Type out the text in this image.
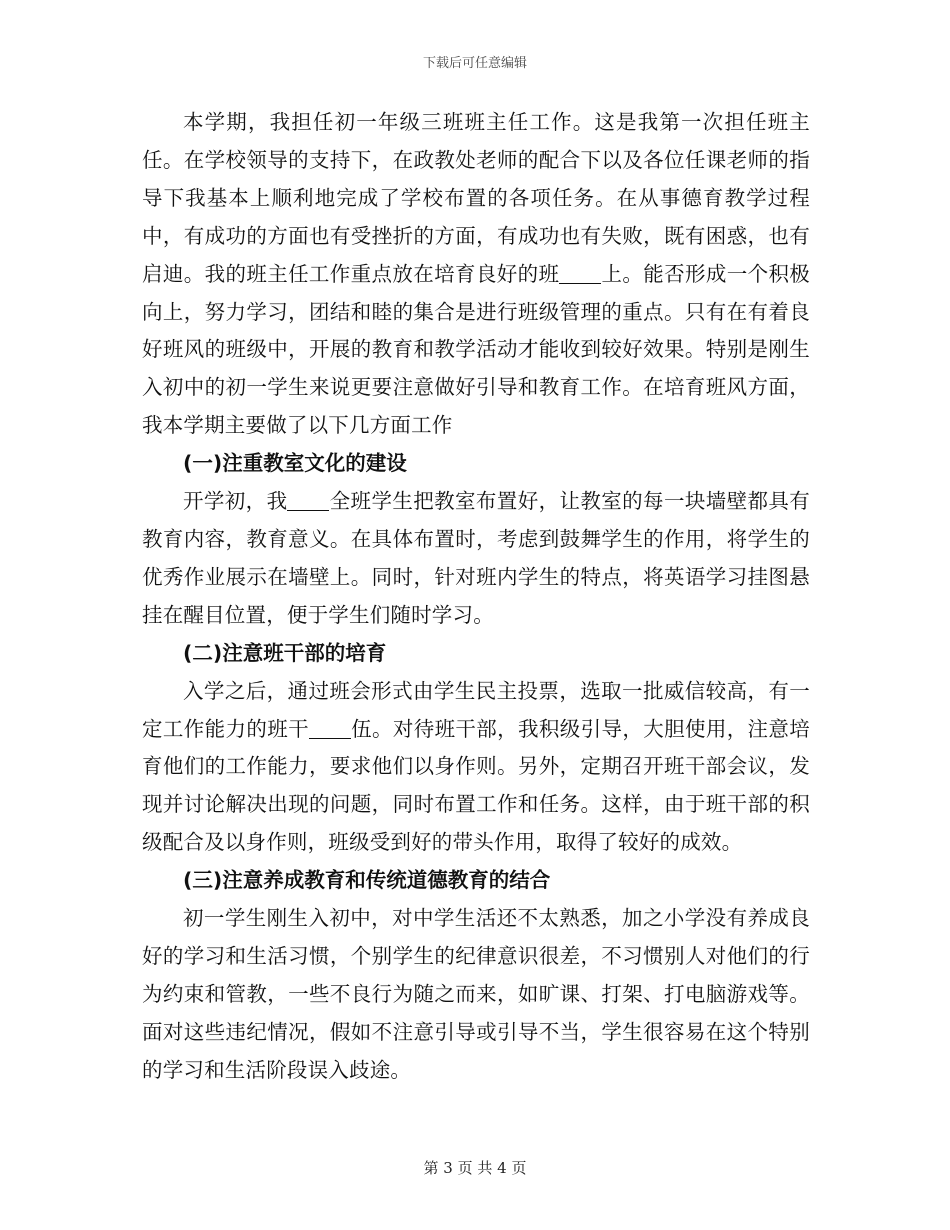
下载后可任意编辑

本学期，我担任初一年级三班班主任工作。这是我第一次担任班主任。在学校领导的支持下，在政教处老师的配合下以及各位任课老师的指导下我基本上顺利地完成了学校布置的各项任务。在从事德育教学过程中，有成功的方面也有受挫折的方面，有成功也有失败，既有困惑，也有启迪。我的班主任工作重点放在培育良好的班 上。能否形成一个积极向上，努力学习，团结和睦的集合是进行班级管理的重点。只有在有着良好班风的班级中，开展的教育和教学活动才能收到较好效果。特别是刚生入初中的初一学生来说更要注意做好引导和教育工作。在培育班风方面，我本学期主要做了以下几方面工作

(一)注重教室文化的建设

开学初，我 全班学生把教室布置好，让教室的每一块墙壁都具有教育内容，教育意义。在具体布置时，考虑到鼓舞学生的作用，将学生的优秀作业展示在墙壁上。同时，针对班内学生的特点，将英语学习挂图悬挂在醒目位置，便于学生们随时学习。

(二)注意班干部的培育

入学之后，通过班会形式由学生民主投票，选取一批威信较高，有一定工作能力的班干 伍。对待班干部，我积级引导，大胆使用，注意培育他们的工作能力，要求他们以身作则。另外，定期召开班干部会议，发现并讨论解决出现的问题，同时布置工作和任务。这样，由于班干部的积级配合及以身作则，班级受到好的带头作用，取得了较好的成效。

(三)注意养成教育和传统道德教育的结合

初一学生刚生入初中，对中学生活还不太熟悉，加之小学没有养成良好的学习和生活习惯，个别学生的纪律意识很差，不习惯别人对他们的行为约束和管教，一些不良行为随之而来，如旷课、打架、打电脑游戏等。面对这些违纪情况，假如不注意引导或引导不当，学生很容易在这个特别的学习和生活阶段误入歧途。

第 3 页 共 4 页
